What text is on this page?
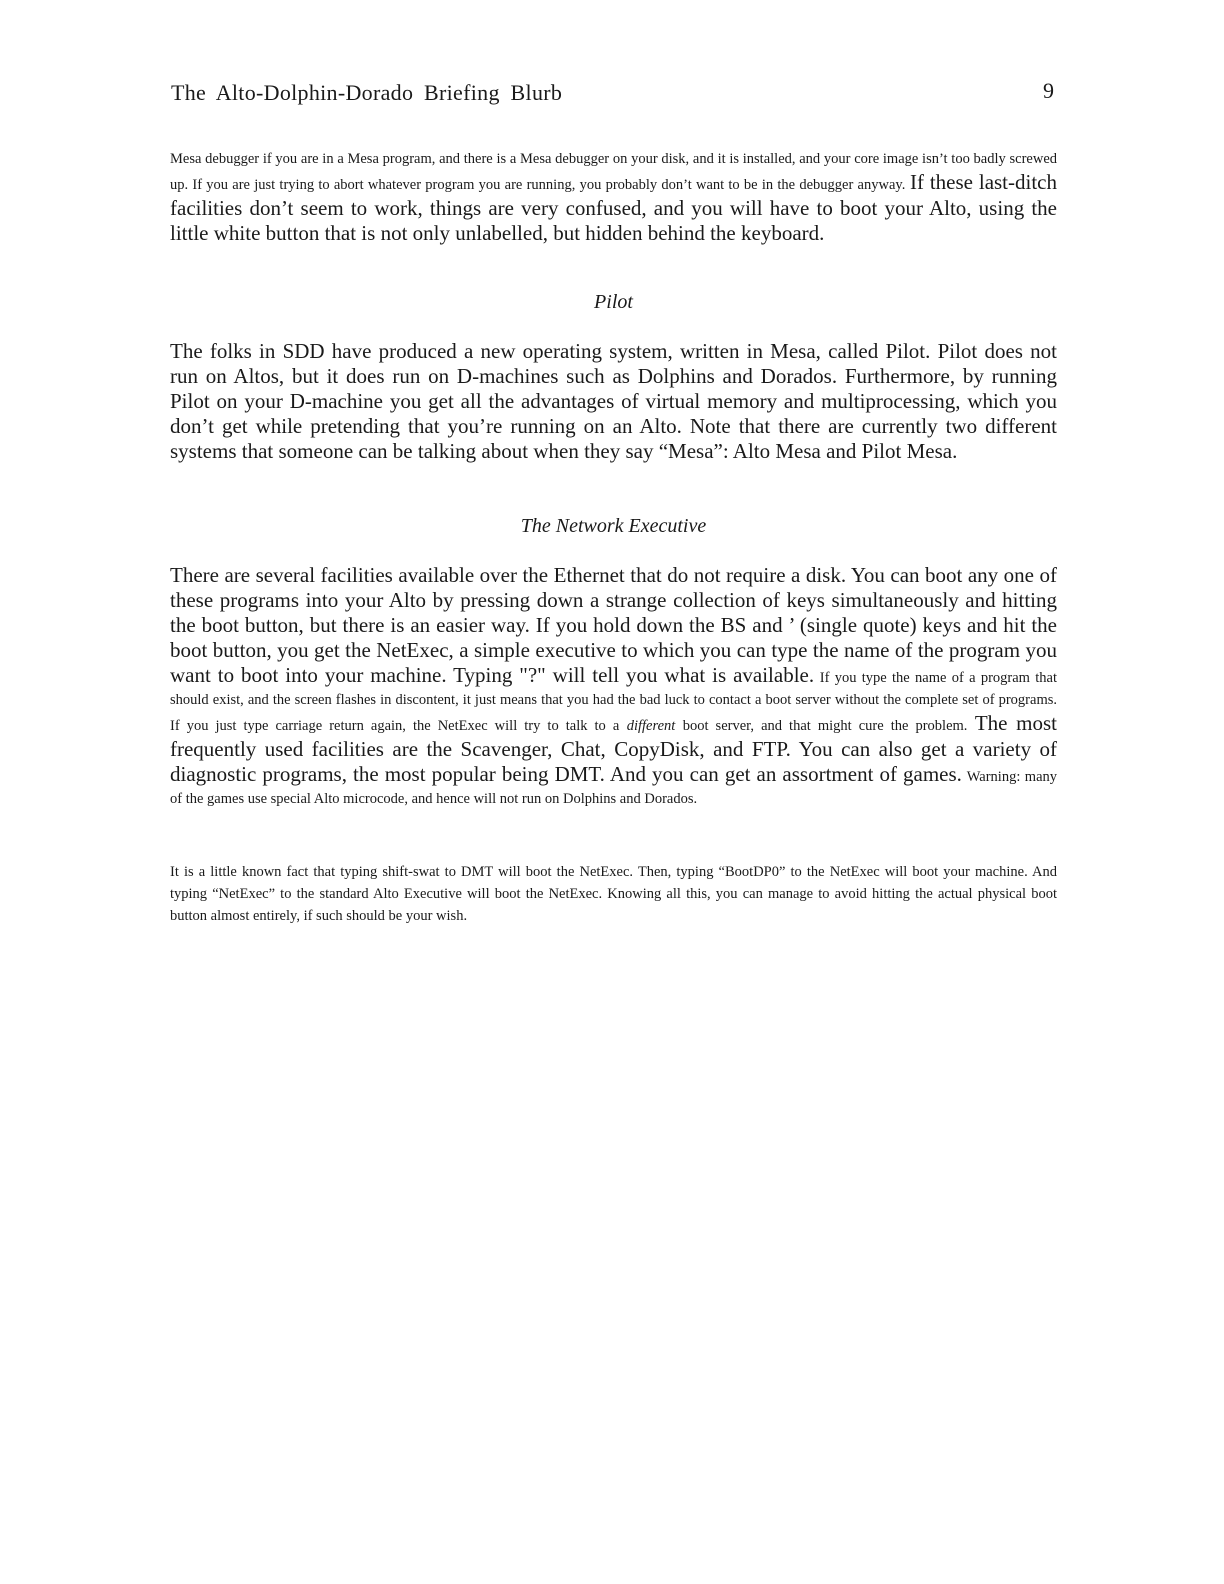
The Alto-Dolphin-Dorado Briefing Blurb	9
Mesa debugger if you are in a Mesa program, and there is a Mesa debugger on your disk, and it is installed, and your core image isn’t too badly screwed up. If you are just trying to abort whatever program you are running, you probably don’t want to be in the debugger anyway. If these last-ditch facilities don’t seem to work, things are very confused, and you will have to boot your Alto, using the little white button that is not only unlabelled, but hidden behind the keyboard.
Pilot
The folks in SDD have produced a new operating system, written in Mesa, called Pilot. Pilot does not run on Altos, but it does run on D-machines such as Dolphins and Dorados. Furthermore, by running Pilot on your D-machine you get all the advantages of virtual memory and multiprocessing, which you don’t get while pretending that you’re running on an Alto. Note that there are currently two different systems that someone can be talking about when they say “Mesa”: Alto Mesa and Pilot Mesa.
The Network Executive
There are several facilities available over the Ethernet that do not require a disk. You can boot any one of these programs into your Alto by pressing down a strange collection of keys simultaneously and hitting the boot button, but there is an easier way. If you hold down the BS and ’ (single quote) keys and hit the boot button, you get the NetExec, a simple executive to which you can type the name of the program you want to boot into your machine. Typing "?" will tell you what is available. If you type the name of a program that should exist, and the screen flashes in discontent, it just means that you had the bad luck to contact a boot server without the complete set of programs. If you just type carriage return again, the NetExec will try to talk to a different boot server, and that might cure the problem. The most frequently used facilities are the Scavenger, Chat, CopyDisk, and FTP. You can also get a variety of diagnostic programs, the most popular being DMT. And you can get an assortment of games. Warning: many of the games use special Alto microcode, and hence will not run on Dolphins and Dorados.
It is a little known fact that typing shift-swat to DMT will boot the NetExec. Then, typing “BootDP0” to the NetExec will boot your machine. And typing “NetExec” to the standard Alto Executive will boot the NetExec. Knowing all this, you can manage to avoid hitting the actual physical boot button almost entirely, if such should be your wish.
